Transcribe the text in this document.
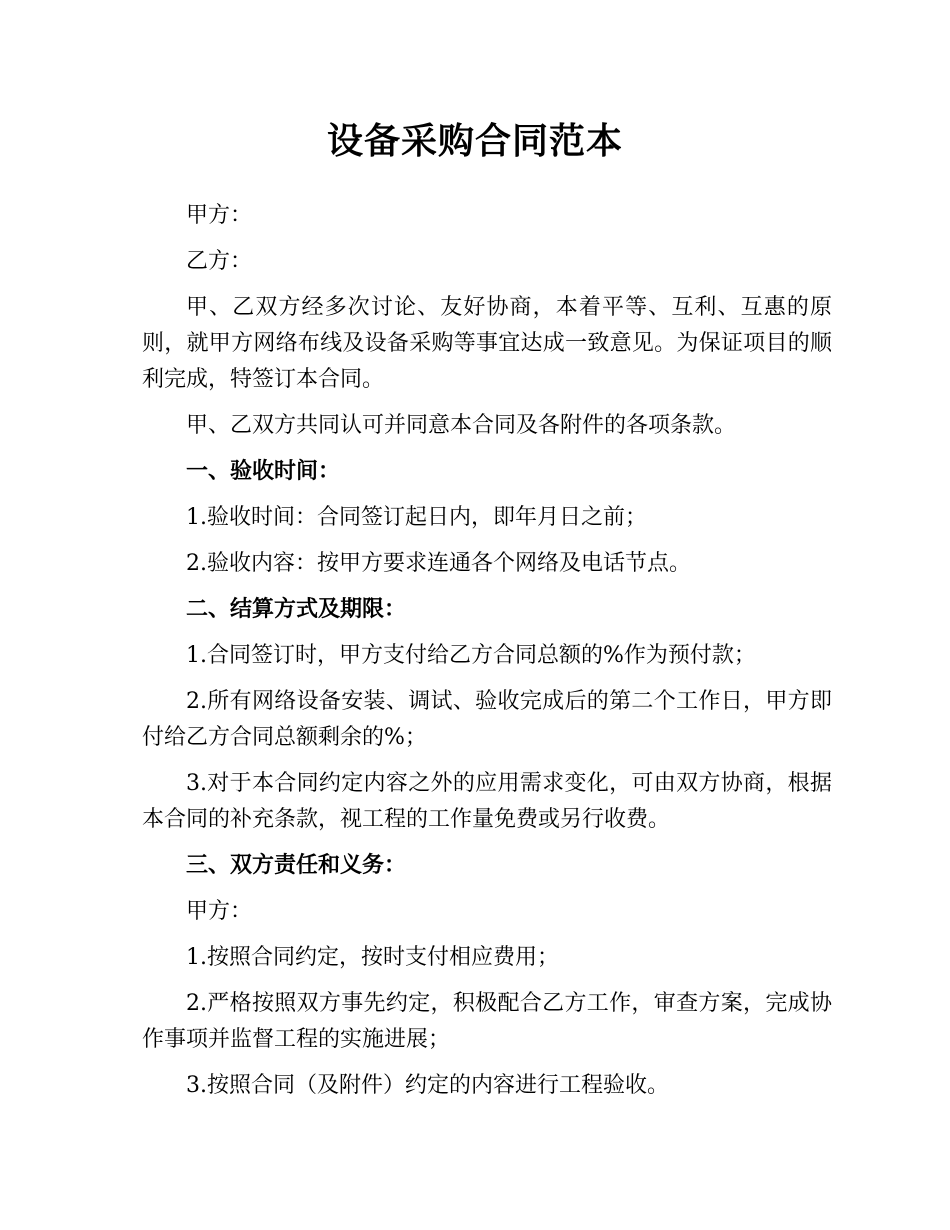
设备采购合同范本

甲方：

乙方：

甲、乙双方经多次讨论、友好协商，本着平等、互利、互惠的原则，就甲方网络布线及设备采购等事宜达成一致意见。为保证项目的顺利完成，特签订本合同。

甲、乙双方共同认可并同意本合同及各附件的各项条款。

一、验收时间：

1.验收时间：合同签订起日内，即年月日之前；

2.验收内容：按甲方要求连通各个网络及电话节点。

二、结算方式及期限：

1.合同签订时，甲方支付给乙方合同总额的%作为预付款；

2.所有网络设备安装、调试、验收完成后的第二个工作日，甲方即付给乙方合同总额剩余的%；

3.对于本合同约定内容之外的应用需求变化，可由双方协商，根据本合同的补充条款，视工程的工作量免费或另行收费。

三、双方责任和义务：

甲方：

1.按照合同约定，按时支付相应费用；

2.严格按照双方事先约定，积极配合乙方工作，审查方案，完成协作事项并监督工程的实施进展；

3.按照合同（及附件）约定的内容进行工程验收。
